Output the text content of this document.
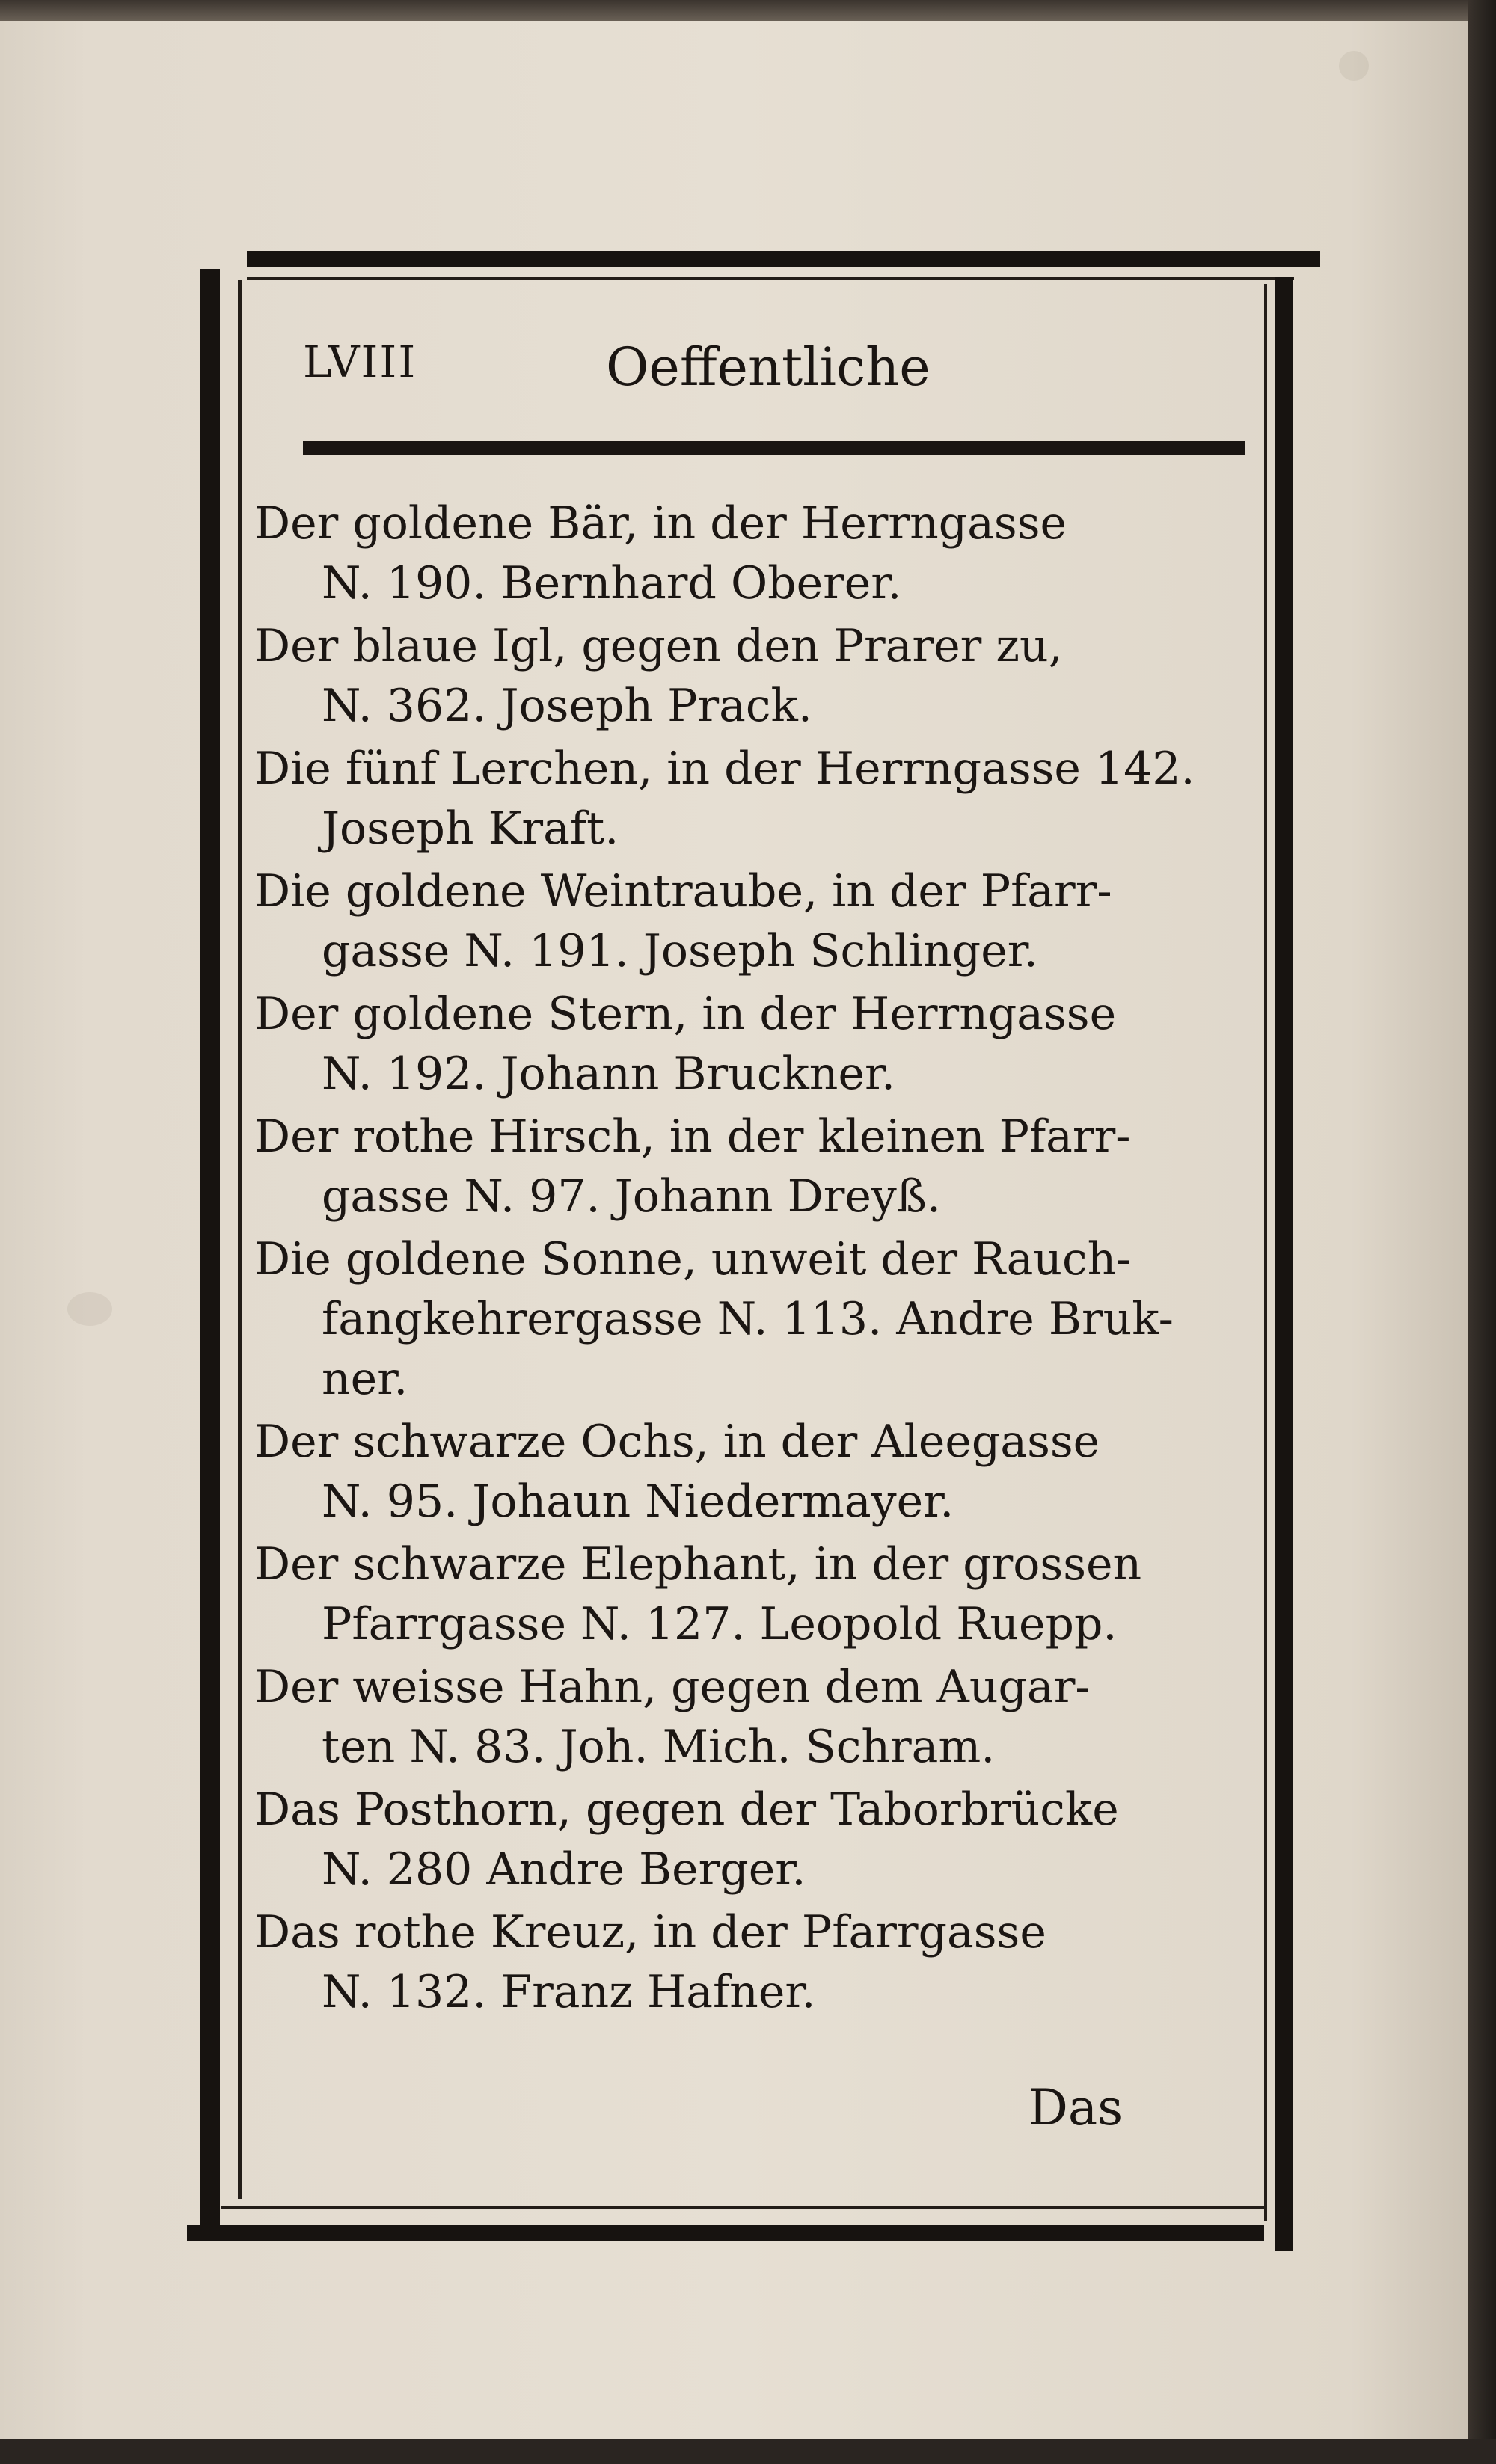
LVIII	Oeffentliche
Der goldene Bär, in der Herrngasse
N. 190. Bernhard Oberer.
Der blaue Igl, gegen den Prarer zu,
N. 362. Joseph Prack.
Die fünf Lerchen, in der Herrngasse 142.
Joseph Kraft.
Die goldene Weintraube, in der Pfarr-
gasse N. 191. Joseph Schlinger.
Der goldene Stern, in der Herrngasse
N. 192. Johann Bruckner.
Der rothe Hirsch, in der kleinen Pfarr-
gasse N. 97. Johann Dreyß.
Die goldene Sonne, unweit der Rauch-
fangkehrergasse N. 113. Andre Bruk-
ner.
Der schwarze Ochs, in der Aleegasse
N. 95. Johaun Niedermayer.
Der schwarze Elephant, in der grossen
Pfarrgasse N. 127. Leopold Ruepp.
Der weisse Hahn, gegen dem Augar-
ten N. 83. Joh. Mich. Schram.
Das Posthorn, gegen der Taborbrücke
N. 280 Andre Berger.
Das rothe Kreuz, in der Pfarrgasse
N. 132. Franz Hafner.
Das
